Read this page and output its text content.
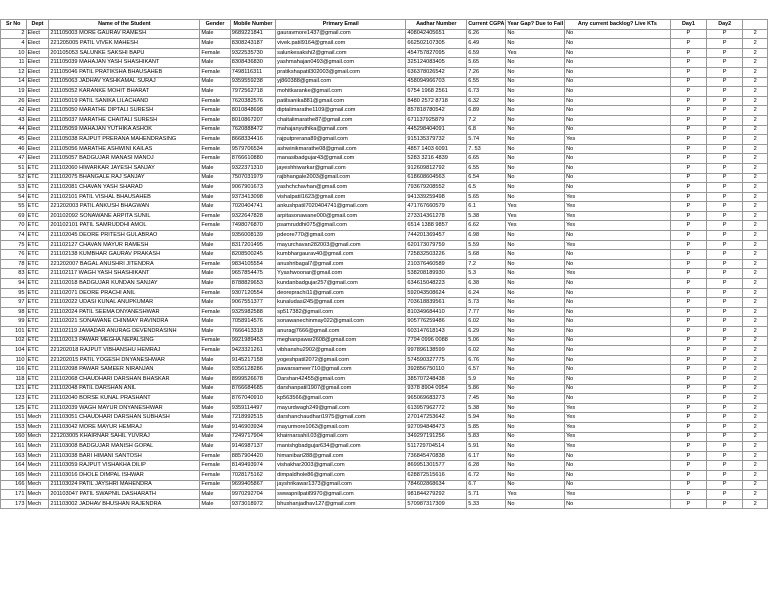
Sr No	Dept	Name of the Student	Gender	Mobile Number	Primary Email	Aadhar Number	Current CGPA	Year Gap? Due to Fail	Any current backlog? Live KTs	Day1	Day2	
2	Elect	211105003 MORE GAURAV RAMESH	Male	9689221841	gauravmore1437@gmail.com	408042405651	6.26	No	No	P	P	2
4	Elect	221205005 PATIL VIVEK MAHESH	Male	8308243187	vivek.patil9164@gmail.com	662502107305	6.49	No	No	P	P	2
10	Elect	201105053 SALUNKE SAKSHI BAPU	Female	9322535730	salunkesakshi2@gmail.com	454757827095	6.59	Yes	No	P	P	2
11	Elect	211105039 MAHAJAN YASH SHASHIKANT	Male	8308436830	yashmahajan0493@gmail.com	325124083405	5.65	No	No	P	P	2
12	Elect	211105046 PATIL PRATIKSHA BHAUSAHEB	Female	7498116311	pratikshapatil302003@gmail.com	636378026542	7.26	No	No	P	P	2
14	Elect	211105063 JADHAV YASHKAMAL SURAJ	Male	9359559238	yj860388@gmail.com	458094966703	6.55	No	No	P	P	2
19	Elect	211105052 KARANKE MOHIT BHARAT	Male	7972562718	mohitkaranke@gmail.com	6754 1968 2561	6.73	No	No	P	P	2
26	Elect	211105019 PATIL SANIKA LILACHAND	Female	7620382576	patilsanika881@gmail.com	8480 2572 8718	6.32	No	No	P	P	2
42	Elect	211105050 MARATHE DIPTALI SURESH	Female	8010848698	diptalimarathe1109@gmail.com	857818780542	6.89	No	No	P	P	2
43	Elect	211105037 MARATHE CHAITALI SURESH	Female	8010867207	chaitalimarathe87@gmail.com	671137925879	7.2	No	No	P	P	2
44	Elect	211105059 MAHAJAN YUTHIKA ASHOK	Female	7620888472	mahajanyuthika@gmail.com	445298404091	6.8	No	No	P	P	2
45	Elect	211105038 RAJPUT PRERANA MAHENDRASING	Female	8668334416	rajputprerana89@gmail.com	915135379732	5.74	No	Yes	P	P	2
46	Elect	211105056 MARATHE ASHWINI KAILAS	Female	9579706534	ashwinikmarathe08@gmail.com	4857 1403 6091	7. 53	No	No	P	P	2
47	Elect	211105057 BADGUJAR MANASI MANOJ	Female	8766610880	manasibadgujar43@gmail.com	5283 3216 4839	6.65	No	No	P	P	2
51	ETC	211102060 HIWARKAR JAYESH SANJAY	Male	9322371310	jayeshhiwarkar@gmail.com	912609812792	6.55	No	No	P	P	2
52	ETC	211102075 BHANGALE RAJ SANJAY	Male	7507031979	rajbhangale2003@gmail.com	618608604563	6.54	No	No	P	P	2
53	ETC	211102081 CHAVAN YASH SHARAD	Male	9067901673	yashchchavhan@gmail.com	793679208552	6.5	No	No	P	P	2
54	ETC	211102101 PATIL VISHAL BHAUSAHEB	Male	9373413098	vishalpatil1623@gmail.com	941339259498	5.65	No	Yes	P	P	2
55	ETC	221202003 PATIL ANKUSH BHAGWAN	Male	7020404741	ankushpatil7020404741@gmail.com	471767660579	6.1	Yes	Yes	P	P	2
69	ETC	201102092 SONAWANE ARPITA SUNIL	Female	9322647828	arpitasonawane000@gmail.com	273314361278	5.38	Yes	Yes	P	P	2
70	ETC	201102101 PATIL SAMRUDDHI AMOL	Female	7498076870	psamruddhi075@gmail.com	6514 1388 9857	6.62	Yes	Yes	P	P	2
74	ETC	211102045 DEORE PRITESH GULABRAO	Male	9356008139	pdeore770@gmail.com	744201369457	6.98	No	No	P	P	2
75	ETC	211102127 CHAVAN MAYUR RAMESH	Male	8317201495	mayurchavan282003@gmail.com	620173079759	5.59	No	Yes	P	P	2
76	ETC	211102138 KUMBHAR GAURAV PRAKASH	Male	8208500245	kumbhargaurav40@gmail.com	725832503226	5.68	No	No	P	P	2
78	ETC	221202007 BAGAL ANUSHRI JITENDRA	Female	9834105554	anushribagal7@gmail.com	210376460589	7.2	No	No	P	P	2
83	ETC	211102117 WAGH YASH SHASHIKANT	Male	9657854475	Yyashwoonar@gmail.com	538208189930	5.3	No	Yes	P	P	2
94	ETC	211102018 BADGUJAR KUNDAN SANJAY	Male	8788829653	kundanbadgujar257@gmail.com	634615048223	6.38	No	No	P	P	2
95	ETC	211102071 DEORE PRACHI ANIL	Female	9307120554	deoreprachi11@gmail.com	592043508624	6.24	No	No	P	P	2
97	ETC	211102022 UDASI KUNAL ANUPKUMAR	Male	9067551377	kunaludasi245@gmail.com	703618839561	5.73	No	No	P	P	2
98	ETC	211102024 PATIL SEEMA DNYANESHWAR	Female	9325982588	sp517382@gmail.com	810349684410	7.77	No	No	P	P	2
99	ETC	211102021 SONAWANE CHINMAY RAVINDRA	Male	7058914576	sonawanechinmay022@gmail.com	905776259486	6.02	No	No	P	P	2
101	ETC	211102119 JAMADAR ANURAG DEVENDRASINH	Male	7666413318	anuragj7666@gmail.com	603147618143	6.29	No	No	P	P	2
102	ETC	211102013 PAWAR MEGHA NEPALSING	Female	9921989453	meghanpawar2608@gmail.com	7794 0996 0088	5.06	No	No	P	P	2
104	ETC	221202018 RAJPUT VIBHANSHU HEMRAJ	Female	9423321261	vibhanshu2902@gmail.com	997896138599	6.02	No	No	P	P	2
110	ETC	221202015 PATIL YOGESH DNYANESHWAR	Male	9145217158	yogeshpatil2072@gmail.com	574590327775	6.76	No	No	P	P	2
116	ETC	211102098 PAWAR SAMEER NIRANJAN	Male	9356128286	pawarsameer710@gmail.com	392856750110	6.57	No	No	P	P	2
118	ETC	211102068 CHAUDHARI DARSHAN BHASKAR	Male	8999526678	Darshan42455@gmail.com	385707248438	5.9	No	No	P	P	2
121	ETC	211102048 PATIL DARSHAN ANIL	Male	8766684685	darshanpatil1907@gmail.com	9378 8904 0954	5.86	No	No	P	P	2
123	ETC	211102040 BORSE KUNAL PRASHANT	Male	8767040910	kp563566@gmail.com	965069683273	7.45	No	No	P	P	2
125	ETC	211102039 WAGH MAYUR DNYANESHWAR	Male	9359114497	mayurdwagh249@gmail.com	613957962772	5.38	No	Yes	P	P	2
151	Mech	211103051 CHAUDHARI DARSHAN SUBHASH	Male	7218992515	darshanchaudhari1975@gmail.com	270147253642	5.94	No	Yes	P	P	2
153	Mech	211103042 MORE MAYUR HEMRAJ	Male	9146903934	mayurmore1063@gmail.com	927094848473	5.85	No	Yes	P	P	2
160	Mech	221203005 KHAIRNAR SAHIL YUVRAJ	Male	7249717904	khairnarsahil.03@gmail.com	349297191256	5.83	No	Yes	P	P	2
161	Mech	211103008 BADGUJAR MANISH GOPAL	Male	9146987137	manishgbadgujar634@gmail.com	511729704514	5.91	No	Yes	P	P	2
163	Mech	211103038 BARI HIMANI SANTOSH	Female	8857904420	himanibari288@gmail.com	736845470838	6.17	No	No	P	P	2
164	Mech	211103059 RAJPUT VISHAKHA DILIP	Female	8149493974	vishakhar2003@gmail.com	869951301577	6.28	No	No	P	P	2
165	Mech	211103016 DHOLE DIMPAL ISHWAR	Female	7028175162	dimpaldhole86@gmail.com	628872515616	6.72	No	No	P	P	2
166	Mech	211103024 PATIL JAYSHRI MAHENDRA	Female	9699405867	jayshrikawar1373@gmail.com	784602868634	6.7	No	No	P	P	2
171	Mech	201103047 PATIL SWAPNIL DASHARATH	Male	9970292704	swwapnilpatil9970@gmail.com	981844279292	5.71	Yes	Yes	P	P	2
173	Mech	211103002 JADHAV BHUSHAN RAJENDRA	Male	9373018972	bhushanjadhav127@gmail.com	570987317309	5.33	No	No	P	P	2
